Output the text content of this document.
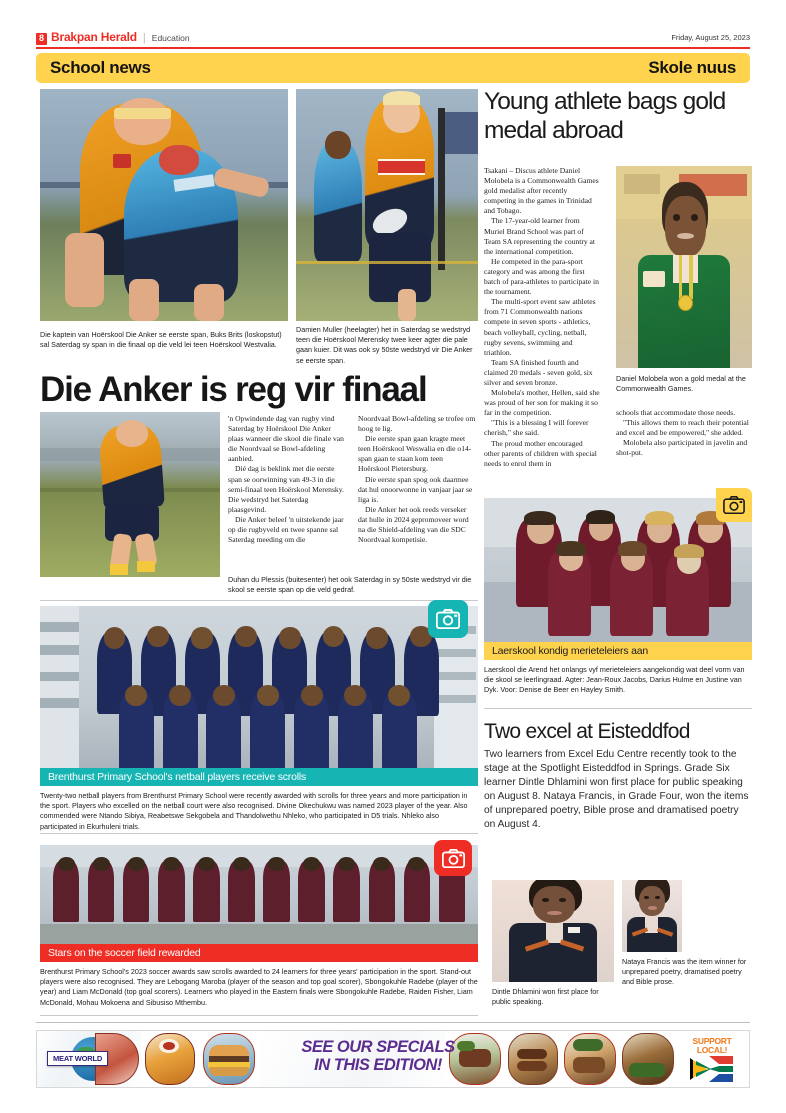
8 Brakpan Herald | Education	Friday, August 25, 2023
School news	Skole nuus
Die kaptein van Hoërskool Die Anker se eerste span, Buks Brits (loskopstut) sal Saterdag sy span in die finaal op die veld lei teen Hoërskool Westvalia.
Damien Muller (heelagter) het in Saterdag se wedstryd teen die Hoërskool Merensky twee keer agter die pale gaan kuier. Dit was ook sy 50ste wedstryd vir Die Anker se eerste span.
Die Anker is reg vir finaal

'n Opwindende dag van rugby vind Saterdag by Hoërskool Die Anker plaas wanneer die skool die finale van die Noordvaal se Bowl-afdeling aanbied.

Dié dag is beklink met die eerste span se oorwinning van 49-3 in die semi-finaal teen Hoërskool Merensky. Die wedstryd het Saterdag plaasgevind.

Die Anker beleef 'n uitstekende jaar op die rugbyveld en twee spanne sal Saterdag meeding om die

Noordvaal Bowl-afdeling se trofee om hoog te lig.

Die eerste span gaan kragte meet teen Hoërskool Weswalia en die o14-span gaan te staan kom teen Hoërskool Pietersburg.

Die eerste span spog ook daarmee dat hul onoorwonne in vanjaar jaar se liga is.

Die Anker het ook reeds verseker dat hulle in 2024 gepromoveer word na die Shield-afdeling van die SDC Noordvaal kompetisie.

Duhan du Plessis (buitesenter) het ook Saterdag in sy 50ste wedstryd vir die skool se eerste span op die veld gedraf.
Young athlete bags gold medal abroad

Tsakani – Discus athlete Daniel Molobela is a Commonwealth Games gold medalist after recently competing in the games in Trinidad and Tobago.

The 17-year-old learner from Muriel Brand School was part of Team SA representing the country at the international competition.

He competed in the para-sport category and was among the first batch of para-athletes to participate in the tournament.

The multi-sport event saw athletes from 71 Commonwealth nations compete in seven sports - athletics, beach volleyball, cycling, netball, rugby sevens, swimming and triathlon.

Team SA finished fourth and claimed 20 medals - seven gold, six silver and seven bronze.

Molobela's mother, Hellen, said she was proud of her son for making it so far in the competition.

"This is a blessing I will forever cherish," she said.

The proud mother encouraged other parents of children with special needs to enrol them in

Daniel Molobela won a gold medal at the Commonwealth Games.

schools that accommodate those needs.

"This allows them to reach their potential and excel and be empowered," she added.

Molobela also participated in javelin and shot-put.

Laerskool kondig merieteleiers aan
Laerskool die Arend het onlangs vyf merieteleiers aangekondig wat deel vorm van die skool se leerlingraad. Agter: Jean-Roux Jacobs, Darius Hulme en Justine van Dyk. Voor: Denise de Beer en Hayley Smith.
Brenthurst Primary School's netball players receive scrolls
Twenty-two netball players from Brenthurst Primary School were recently awarded with scrolls for three years and more participation in the sport. Players who excelled on the netball court were also recognised. Divine Okechukwu was named 2023 player of the year. Also commended were Ntando Sibiya, Reabetswe Sekgobela and Thandolwethu Nhleko, who participated in D5 trials. Nhleko also participated in Ekurhuleni trials.
Stars on the soccer field rewarded
Brenthurst Primary School's 2023 soccer awards saw scrolls awarded to 24 learners for three years' participation in the sport. Stand-out players were also recognised. They are Lebogang Maroba (player of the season and top goal scorer), Sbongokuhle Radebe (player of the year) and Liam McDonald (top goal scorers). Learners who played in the Eastern finals were Sbongokuhle Radebe, Raiden Fisher, Liam McDonald, Mohau Mokoena and Sibusiso Mthembu.
Two excel at Eisteddfod
Two learners from Excel Edu Centre recently took to the stage at the Spotlight Eisteddfod in Springs. Grade Six learner Dintle Dhlamini won first place for public speaking on August 8. Nataya Francis, in Grade Four, won the items of unprepared poetry, Bible prose and dramatised poetry on August 4.
Dintle Dhlamini won first place for public speaking.
Nataya Francis was the item winner for unprepared poetry, dramatised poetry and Bible prose.
MEAT WORLD
SEE OUR SPECIALS
IN THIS EDITION!
SUPPORT
LOCAL!
